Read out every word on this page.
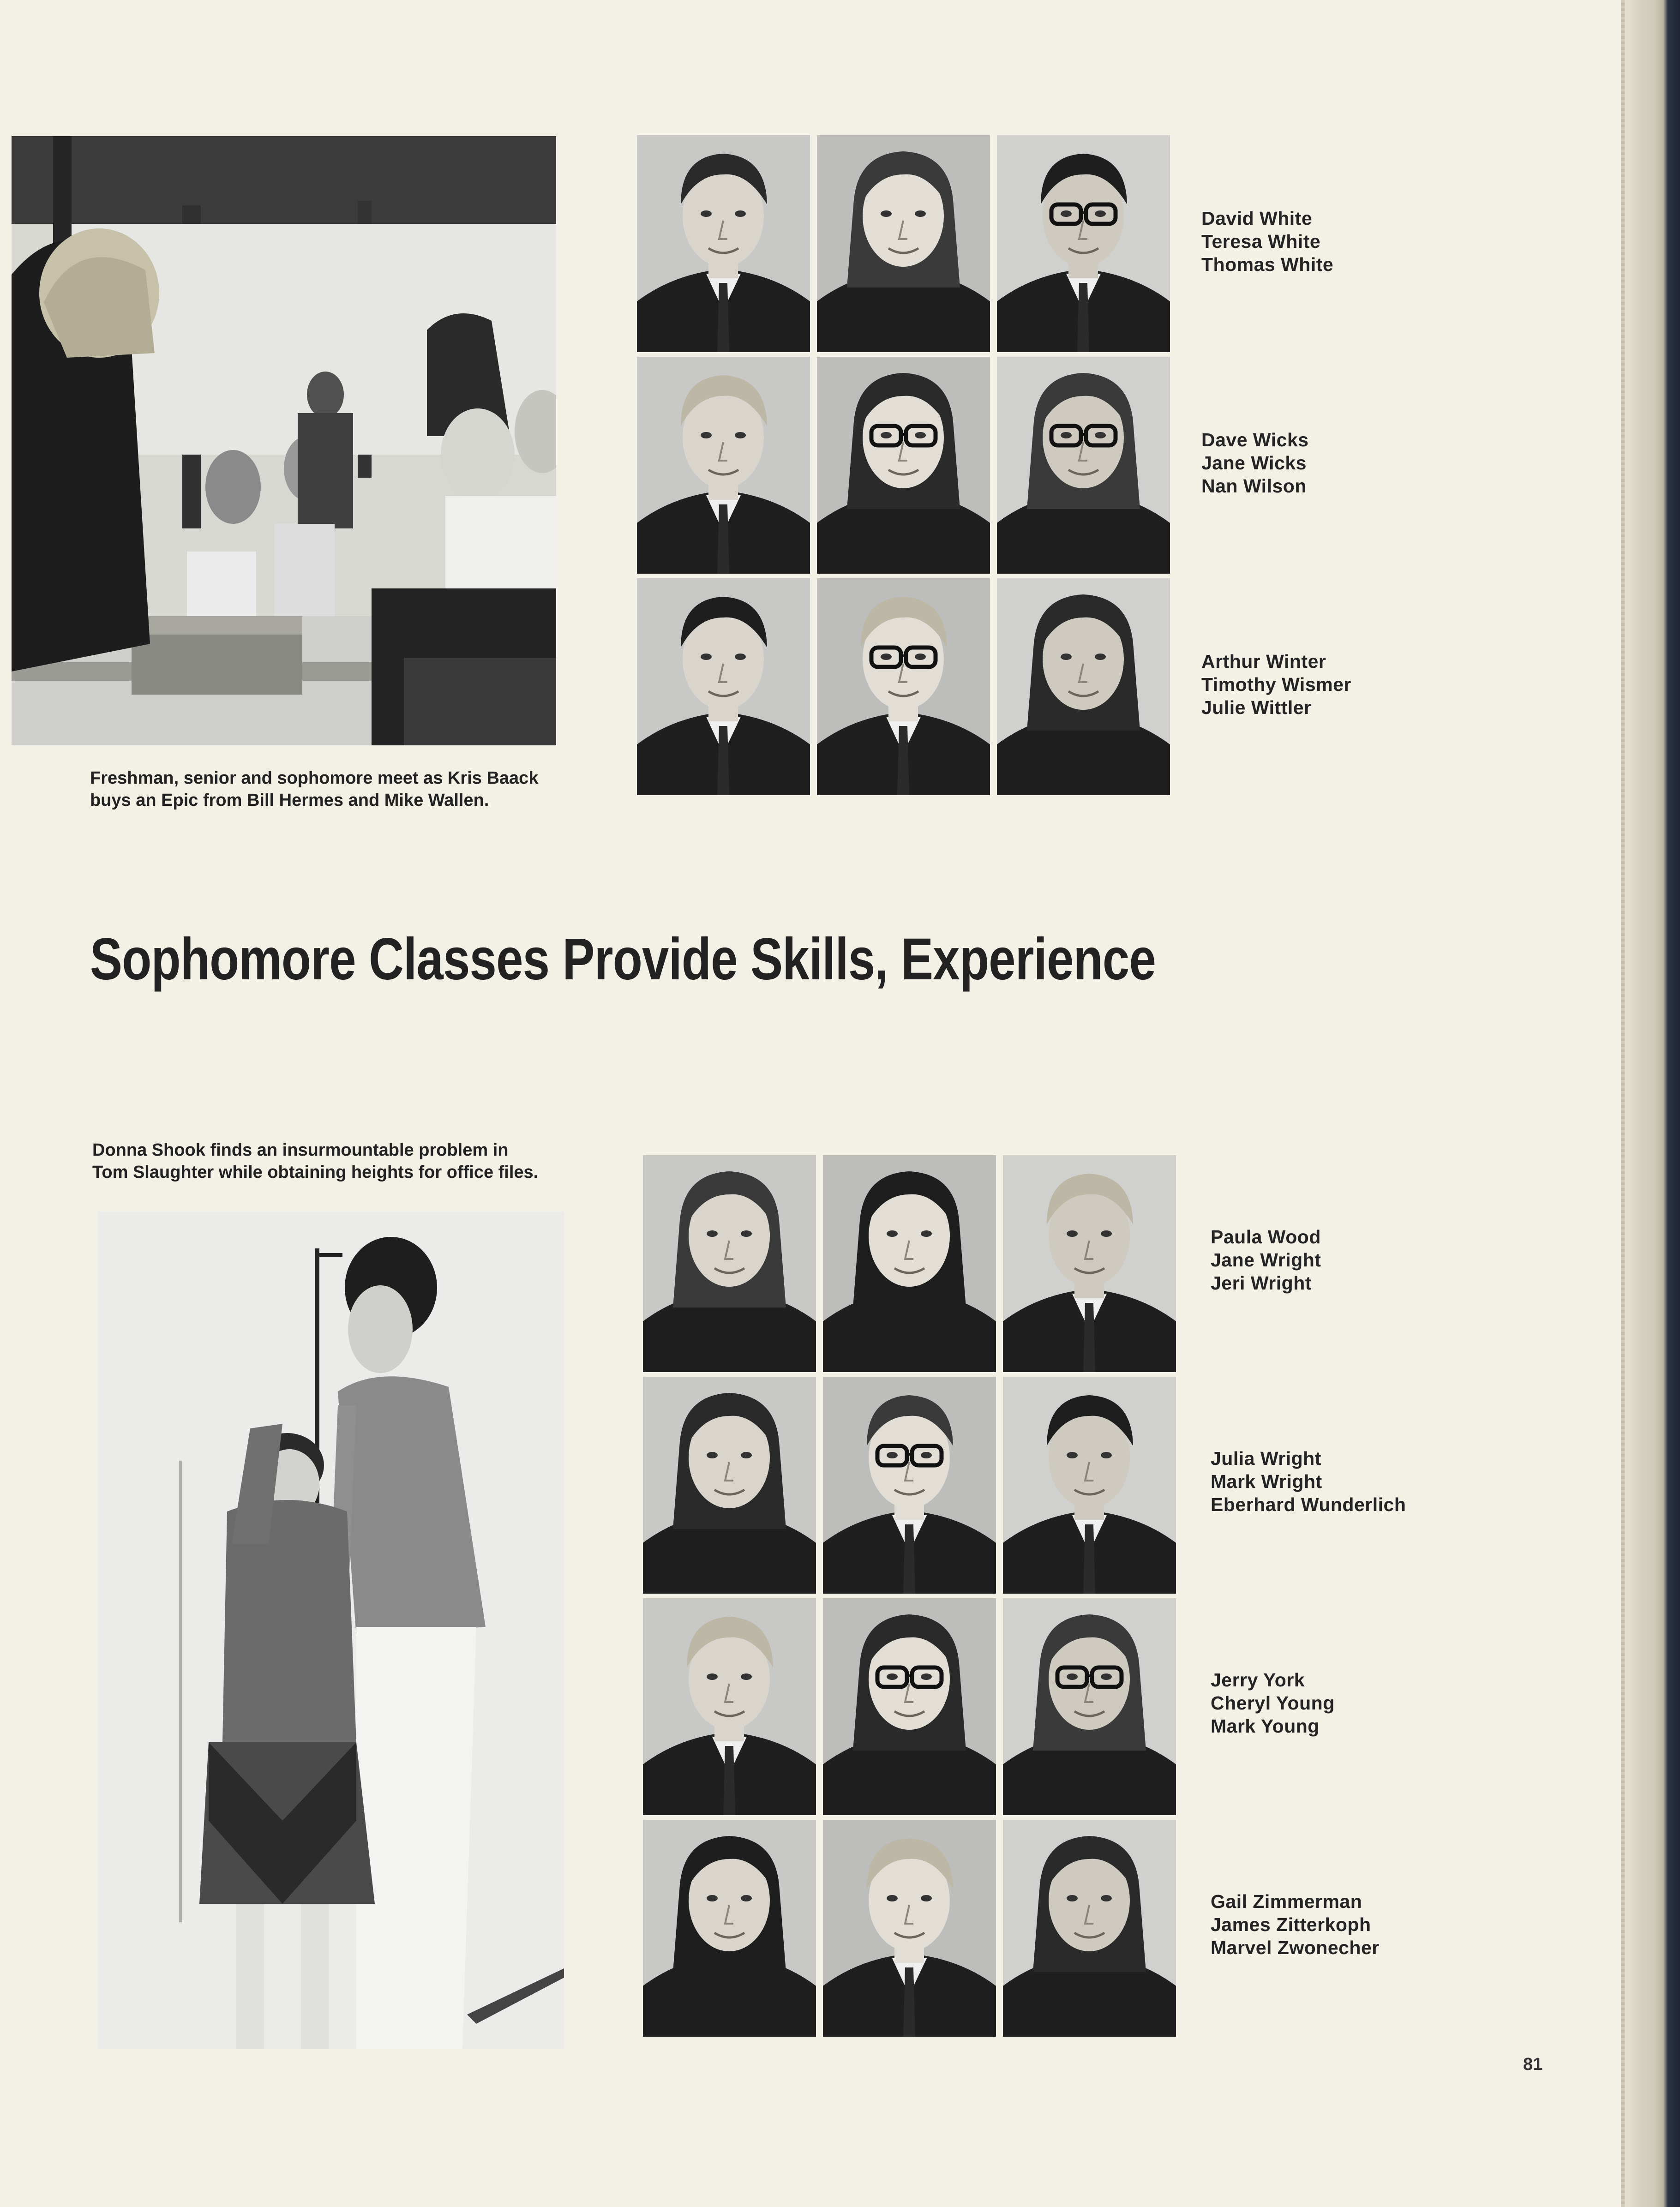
Freshman, senior and sophomore meet as Kris Baack
buys an Epic from Bill Hermes and Mike Wallen.
David White
Teresa White
Thomas White
Dave Wicks
Jane Wicks
Nan Wilson
Arthur Winter
Timothy Wismer
Julie Wittler
Sophomore Classes Provide Skills, Experience
Donna Shook finds an insurmountable problem in
Tom Slaughter while obtaining heights for office files.
Paula Wood
Jane Wright
Jeri Wright
Julia Wright
Mark Wright
Eberhard Wunderlich
Jerry York
Cheryl Young
Mark Young
Gail Zimmerman
James Zitterkoph
Marvel Zwonecher
81
